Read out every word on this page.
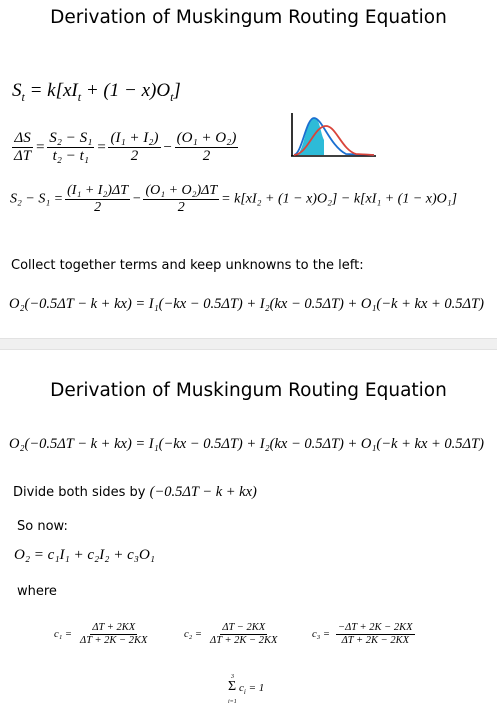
Derivation of Muskingum Routing Equation
$S_t = k[xI_t + (1 - x)O_t]$
$\frac{\Delta S}{\Delta T} = \frac{\text{S₂ − S₁}}{\text{t₂ − t₁}} = \frac{\text{(I₁ + I₂)}}{2} - \frac{\text{(O₁ + O₂)}}{2}$
$S_2 - S_1 = \frac{\text{(I₁ + I₂)ΔT}}{2} - \frac{\text{(O₁ + O₂)ΔT}}{2} = k[xI_2 + (1 - x)O_2] - k[xI_1 + (1 - x)O_1]$
Collect together terms and keep unknowns to the left:
O₂(−0.5ΔT − k + kx) = I₁(−kx − 0.5ΔT) + I₂(kx − 0.5ΔT) + O₁(−k + kx + 0.5ΔT)
Derivation of Muskingum Routing Equation
O₂(−0.5ΔT − k + kx) = I₁(−kx − 0.5ΔT) + I₂(kx − 0.5ΔT) + O₁(−k + kx + 0.5ΔT)
Divide both sides by (−0.5ΔT − k + kx)
So now:
O₂ = c₁I₁ + c₂I₂ + c₃O₁
where
$c_1 = \frac{\Delta T + 2KX}{\Delta T + 2K - 2KX}$	$c_2 = \frac{\Delta T - 2KX}{\Delta T + 2K - 2KX}$	$c_3 = \frac{-\Delta T + 2K - 2KX}{\Delta T + 2K - 2KX}$
3
Σ $c_i = 1$
i=1
